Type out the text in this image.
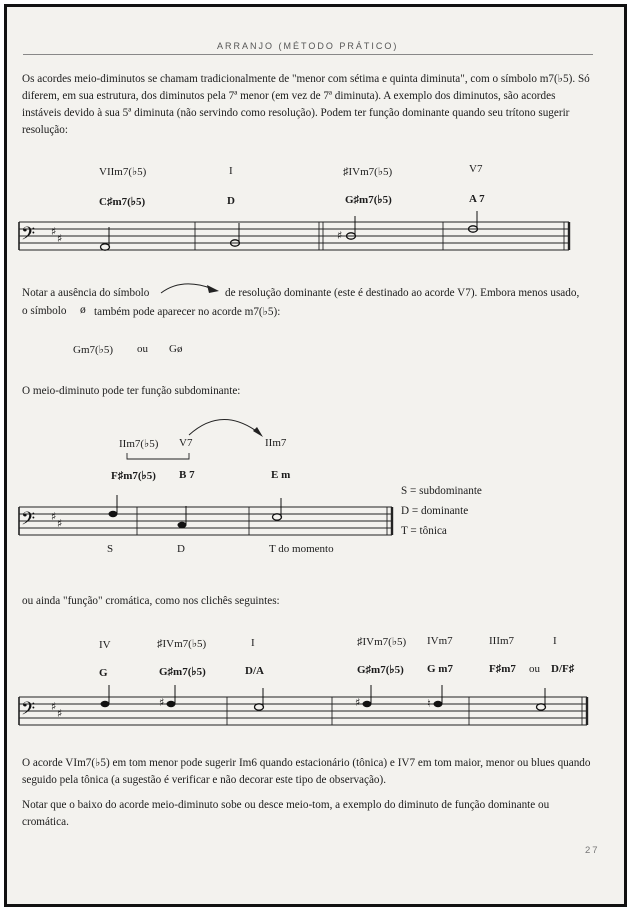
ARRANJO (MÉTODO PRÁTICO)
Os acordes meio-diminutos se chamam tradicionalmente de "menor com sétima e quinta diminuta", com o símbolo m7(♭5). Só diferem, em sua estrutura, dos diminutos pela 7ª menor (em vez de 7ª diminuta). A exemplo dos diminutos, são acordes instáveis devido à sua 5ª diminuta (não servindo como resolução). Podem ter função dominante quando seu trítono sugerir resolução:
VIIm7(♭5)	I	♯IVm7(♭5)	V7
C♯m7(♭5)	D	G♯m7(♭5)	A 7
𝄢 ♯
♯	♯
Notar a ausência do símbolo	de resolução dominante (este é destinado ao acorde V7). Embora menos usado,
o símbolo ø também pode aparecer no acorde m7(♭5):
Gm7(♭5) ou Gø
O meio-diminuto pode ter função subdominante:
IIm7(♭5) V7	IIm7
F♯m7(♭5) B 7	E m
S = subdominante
D = dominante
T = tônica
𝄢 ♯
♯
S	D	T do momento
ou ainda "função" cromática, como nos clichês seguintes:
IV	♯IVm7(♭5)	I	♯IVm7(♭5) IVm7	IIIm7	I
G	G♯m7(♭5)	D/A	G♯m7(♭5) G m7	F♯m7 ou D/F♯
𝄢 ♯
♯
♯	♯	♮
O acorde VIm7(♭5) em tom menor pode sugerir Im6 quando estacionário (tônica) e IV7 em tom maior, menor ou blues quando seguido pela tônica (a sugestão é verificar e não decorar este tipo de observação).
Notar que o baixo do acorde meio-diminuto sobe ou desce meio-tom, a exemplo do diminuto de função dominante ou cromática.
27
